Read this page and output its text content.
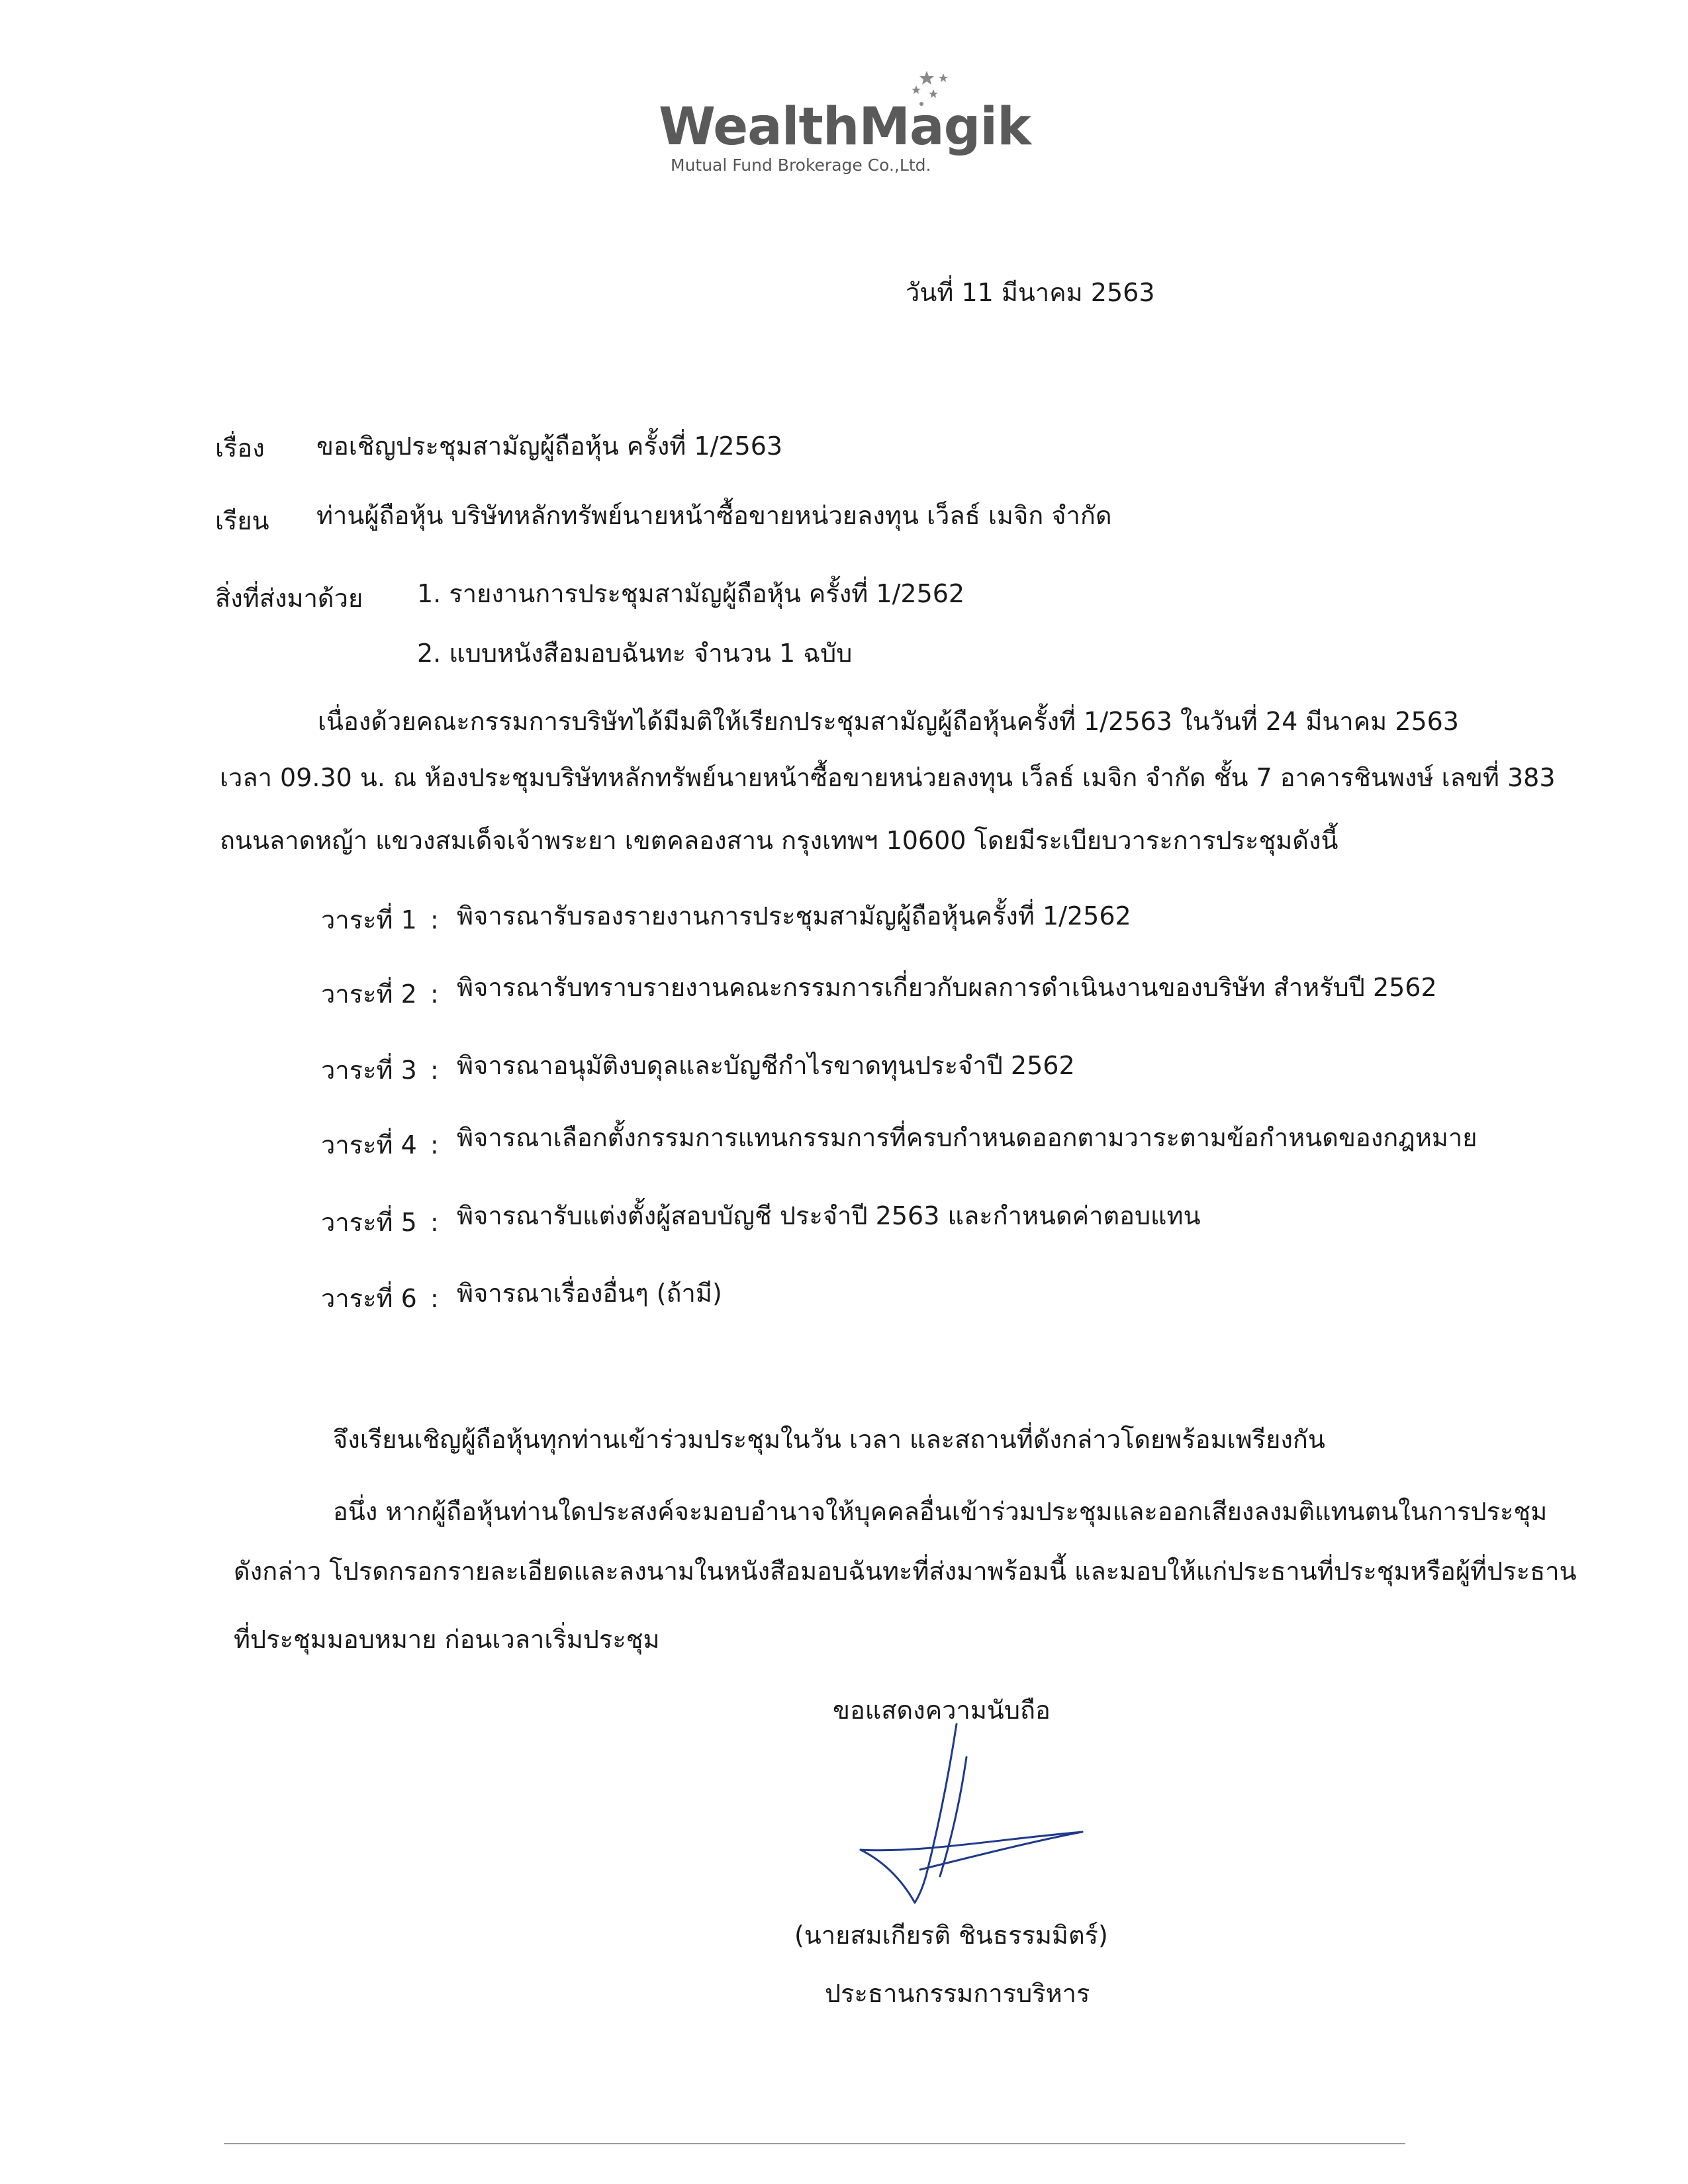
WealthMagik
Mutual Fund Brokerage Co.,Ltd.
วันที่ 11 มีนาคม 2563
เรื่อง ขอเชิญประชุมสามัญผู้ถือหุ้น ครั้งที่ 1/2563
เรียน ท่านผู้ถือหุ้น บริษัทหลักทรัพย์นายหน้าซื้อขายหน่วยลงทุน เว็ลธ์ เมจิก จำกัด
สิ่งที่ส่งมาด้วย 1. รายงานการประชุมสามัญผู้ถือหุ้น ครั้งที่ 1/2562
2. แบบหนังสือมอบฉันทะ จำนวน 1 ฉบับ
เนื่องด้วยคณะกรรมการบริษัทได้มีมติให้เรียกประชุมสามัญผู้ถือหุ้นครั้งที่ 1/2563 ในวันที่ 24 มีนาคม 2563
เวลา 09.30 น. ณ ห้องประชุมบริษัทหลักทรัพย์นายหน้าซื้อขายหน่วยลงทุน เว็ลธ์ เมจิก จำกัด ชั้น 7 อาคารชินพงษ์ เลขที่ 383
ถนนลาดหญ้า แขวงสมเด็จเจ้าพระยา เขตคลองสาน กรุงเทพฯ 10600 โดยมีระเบียบวาระการประชุมดังนี้
วาระที่ 1 : พิจารณารับรองรายงานการประชุมสามัญผู้ถือหุ้นครั้งที่ 1/2562
วาระที่ 2 : พิจารณารับทราบรายงานคณะกรรมการเกี่ยวกับผลการดำเนินงานของบริษัท สำหรับปี 2562
วาระที่ 3 : พิจารณาอนุมัติงบดุลและบัญชีกำไรขาดทุนประจำปี 2562
วาระที่ 4 : พิจารณาเลือกตั้งกรรมการแทนกรรมการที่ครบกำหนดออกตามวาระตามข้อกำหนดของกฎหมาย
วาระที่ 5 : พิจารณารับแต่งตั้งผู้สอบบัญชี ประจำปี 2563 และกำหนดค่าตอบแทน
วาระที่ 6 : พิจารณาเรื่องอื่นๆ (ถ้ามี)
จึงเรียนเชิญผู้ถือหุ้นทุกท่านเข้าร่วมประชุมในวัน เวลา และสถานที่ดังกล่าวโดยพร้อมเพรียงกัน
อนึ่ง หากผู้ถือหุ้นท่านใดประสงค์จะมอบอำนาจให้บุคคลอื่นเข้าร่วมประชุมและออกเสียงลงมติแทนตนในการประชุม
ดังกล่าว โปรดกรอกรายละเอียดและลงนามในหนังสือมอบฉันทะที่ส่งมาพร้อมนี้ และมอบให้แก่ประธานที่ประชุมหรือผู้ที่ประธาน
ที่ประชุมมอบหมาย ก่อนเวลาเริ่มประชุม
ขอแสดงความนับถือ
(นายสมเกียรติ ชินธรรมมิตร์)
ประธานกรรมการบริหาร
